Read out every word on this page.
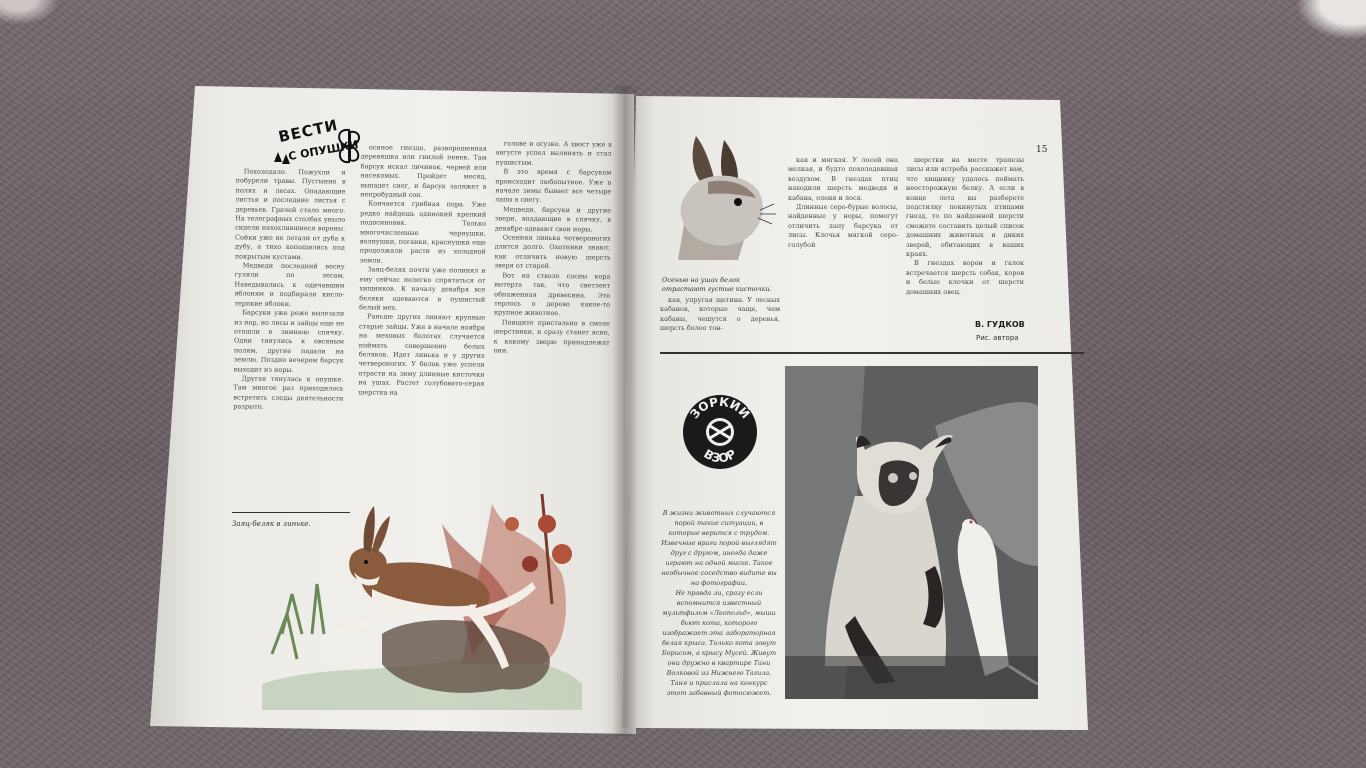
ВЕСТИ
С ОПУШКИ

Похолодало. Пожухли и побурели травы. Пустынно в полях и лесах. Опадающие листья и последние листья с деревьев. Грачей стало много. На телеграфных столбах уныло сидели нахохлившиеся вороны. Сойки уже не летали от дуба к дубу, а тихо копошились под покрытым кустами.

Медведи последний весну гуляли по лесам. Наведывались к одичавшим яблоням и подбирали кисло-терпкие яблоки.

Барсуки уже реже вылезали из нор, но лисы и зайцы еще не отошли в зимнюю спячку. Одни тянулись к овсяным полям, другие падали на землю. Поздно вечером барсук выходит из норы.

Другая тянулась к опушке. Там многое раз приходилось встретить следы деятельности разрыто.

осиное гнездо, разворошенная деревяшка или гнилой пенек. Там барсук искал личинок, червей или насекомых. Пройдет месяц, выпадет снег, и барсук заляжет в непробудный сон.

Кончается грибная пора. Уже редко найдешь одинокий крепкий подосиновик. Только многочисленные чернушки, волнушки, поганки, краснушки еще продолжали расти из холодной земли.

Заяц-беляк почти уже полинял и ему сейчас нелегко спрятаться от хищников. К началу декабря все беляки одеваются в пушистый белый мех.

Раньше других линяют крупные старые зайцы. Уже в начале ноября на меховых болотах случается поймать совершенно белых беляков. Идет линька и у других четвероногих. У белок уже успели отрасти на зиму длинные кисточки на ушах. Растет голубовато-серая шерстка на

голове и огузке. А хвост уже в августе успел вылинять и стал пушистым.

В это время с барсуком происходит любопытное. Уже в начале зимы бывает все четыре лапы в снегу.

Медведи, барсуки и другие звери, впадающие в спячку, в декабре одевают свои норы.

Осенняя линька четвероногих длится долго. Охотники знают, как отличить новую шерсть зверя от старой.

Вот на стволе сосны кора вытерта так, что светлеет обнаженная древесина. Это терлось о дерево какое-то крупное животное.

Поищите пристально в смоле шерстинки, и сразу станет ясно, к какому зверю принадлежат они.

Заяц-беляк в линьке.
15
Осенью на ушах белок отрастают густые кисточки.

кая, упругая щетина. У лесных кабанов, которые чаще, чем кабаны, чешутся о деревья, шерсть более тон-

кая и мягкая. У лосей она мелкая, и будто похолодевшая воздухом. В гнездах птиц находили шерсть медведя и кабана, оленя и лося.

Длинные серо-бурые волосы, найденные у норы, помогут отличить лапу барсука от лисы. Клочья мягкой серо-голубой

шерстки на месте трапезы лисы или ястреба расскажет вам, что хищнику удалось поймать неосторожную белку. А если в конце лета вы разберете подстилку покинутых птицами гнезд, то по найденной шерсти сможете составить целый список домашних животных и диких зверей, обитающих в ваших краях.

В гнездах ворон и галок встречается шерсть собак, коров и белые клочки от шерсти домашних овец.

В. ГУДКОВ
Рис. автора
ЗОРКИЙ
ВЗОР

В жизни животных случаются порой такие ситуации, в которые верится с трудом. Извечные враги порой выглядят друг с другом, иногда даже играют на одной миске. Такое необычное соседство видите вы на фотографии.

Не правда ли, сразу если вспомнится известный мультфильм «Леопольд», мыши бьют кота, которого изображает эта лабораторная белая крыса. Только кота зовут Борисом, а крысу Мусей. Живут они дружно в квартире Тани Волковой из Нижнего Тагила. Таня и прислала на конкурс этот забавный фотосюжет.
